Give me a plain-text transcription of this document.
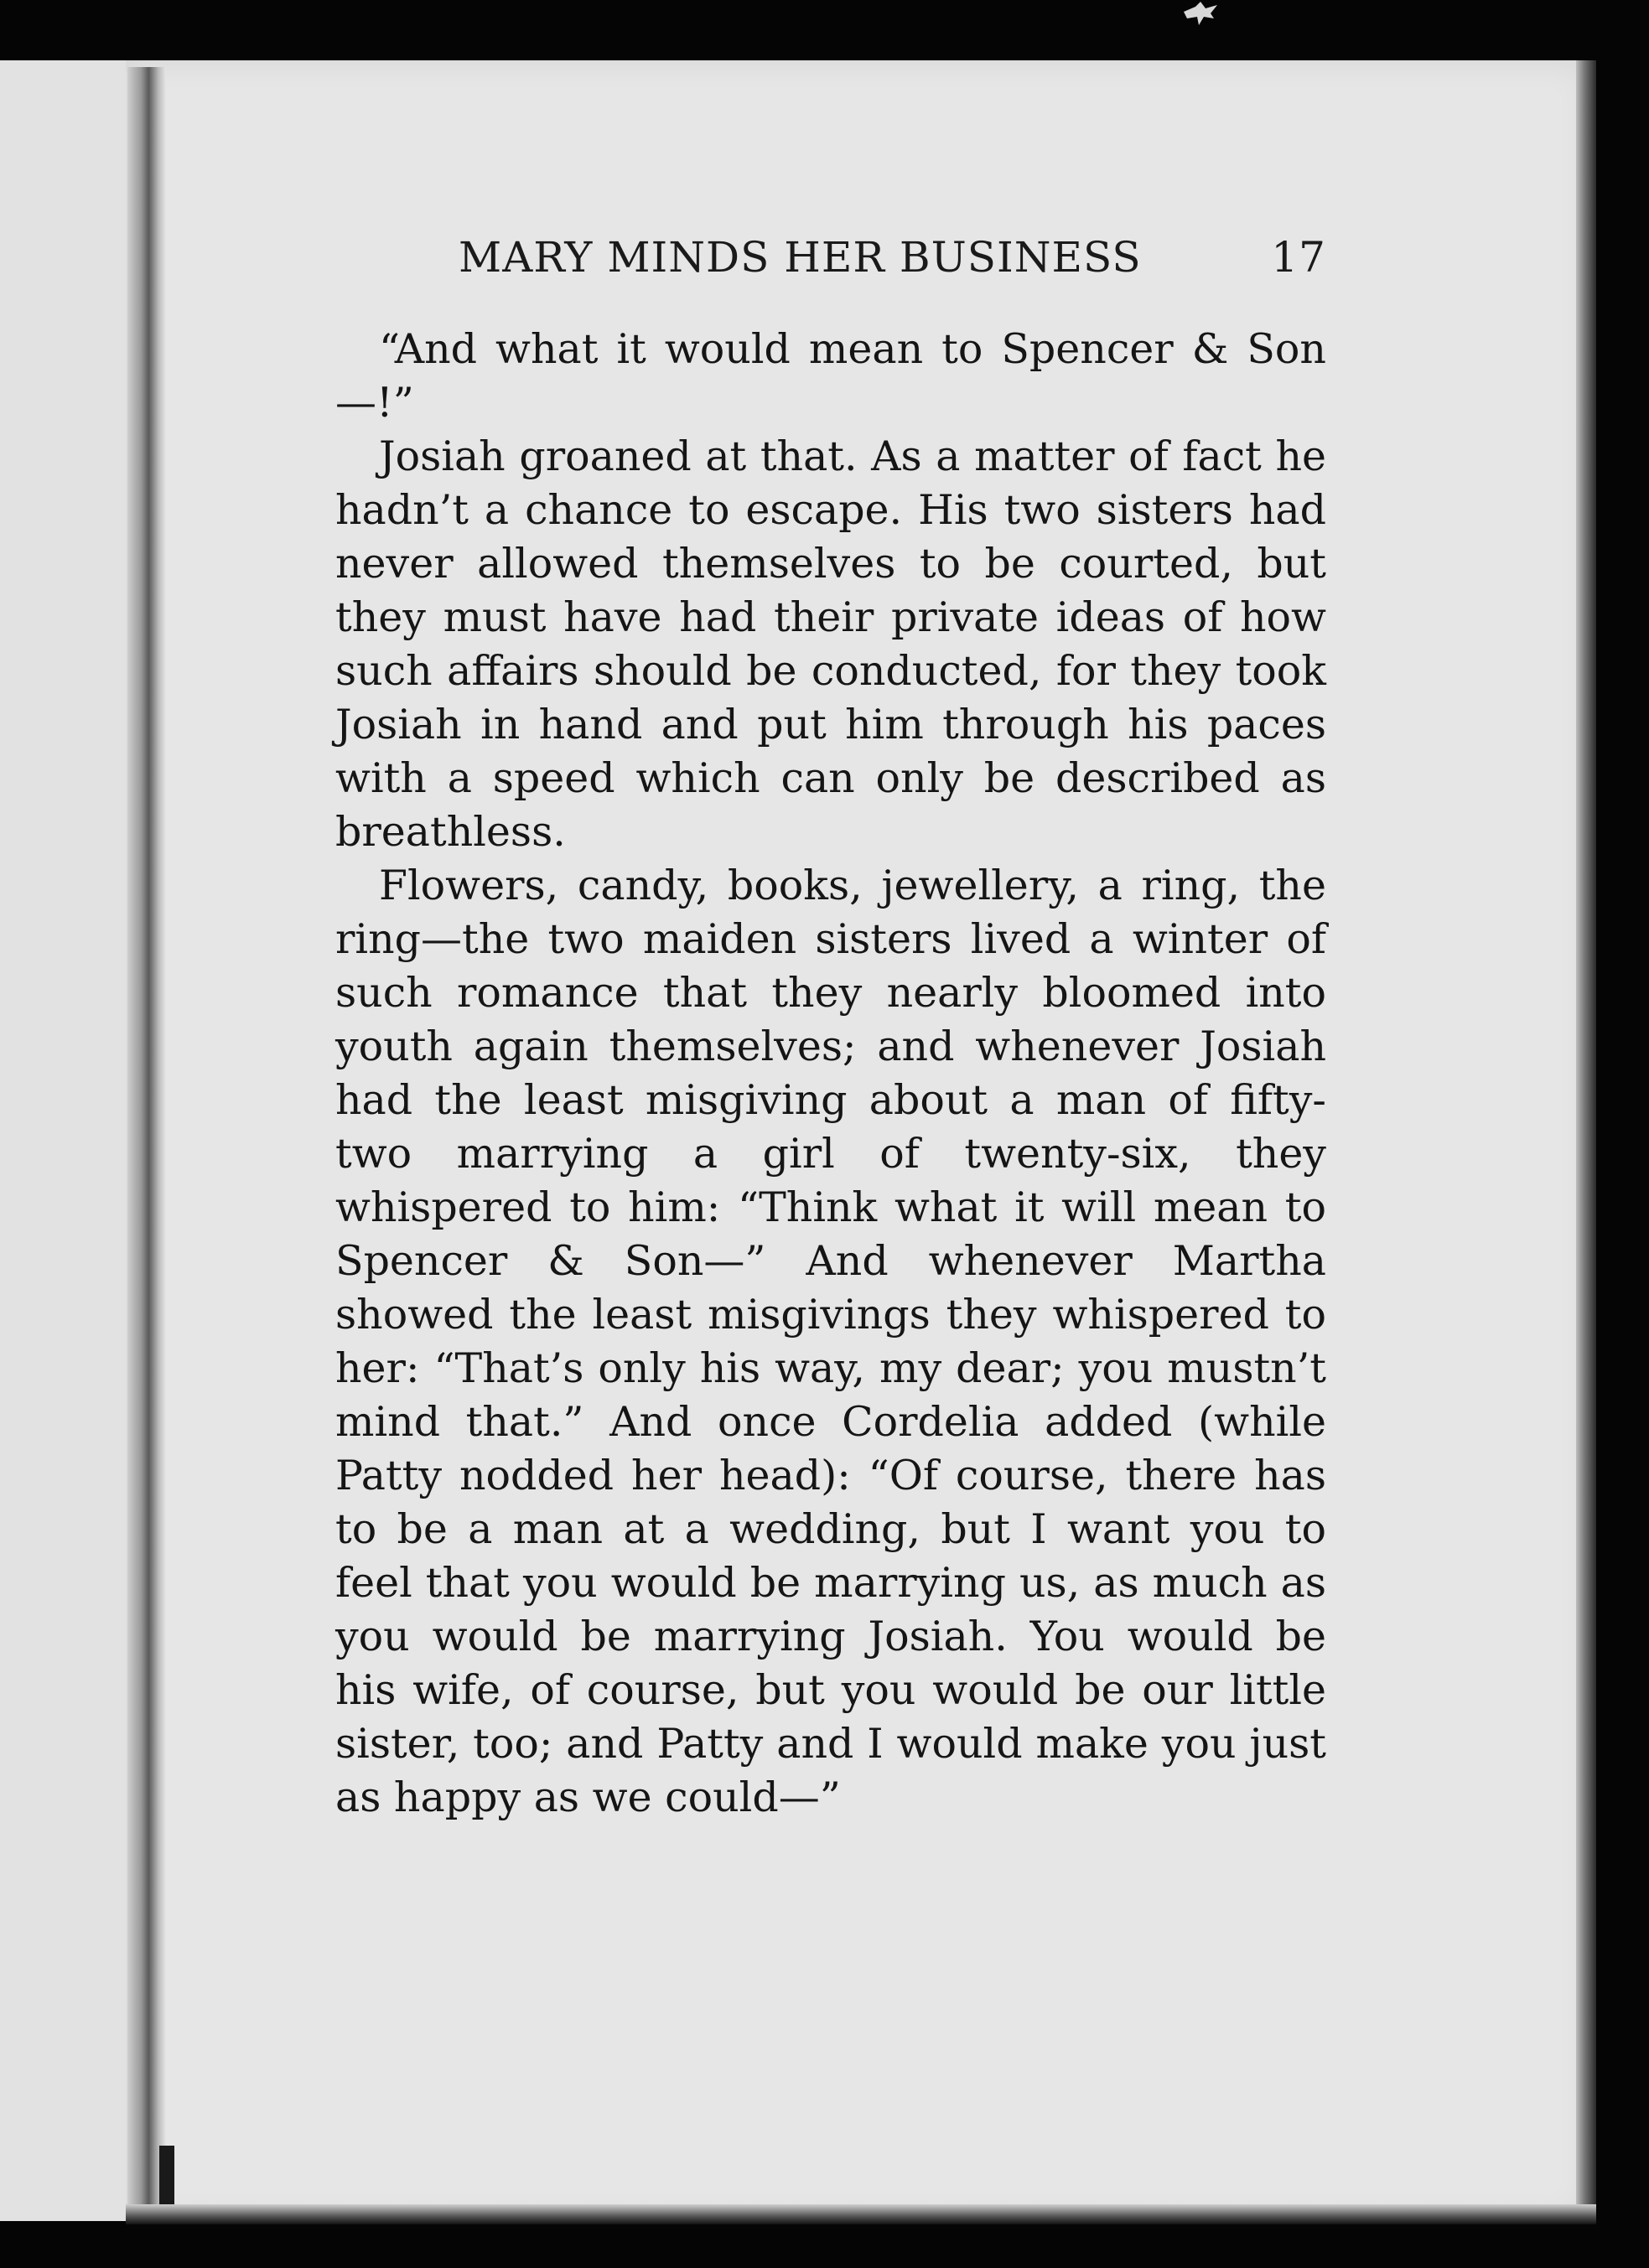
MARY MINDS HER BUSINESS	17

“And what it would mean to Spencer & Son—!”

Josiah groaned at that. As a matter of fact he hadn’t a chance to escape. His two sisters had never allowed themselves to be courted, but they must have had their private ideas of how such affairs should be conducted, for they took Josiah in hand and put him through his paces with a speed which can only be described as breathless.

Flowers, candy, books, jewellery, a ring, the ring—the two maiden sisters lived a winter of such romance that they nearly bloomed into youth again themselves; and whenever Josiah had the least misgiving about a man of fifty-two marrying a girl of twenty-six, they whispered to him: “Think what it will mean to Spencer & Son—” And whenever Martha showed the least misgivings they whispered to her: “That’s only his way, my dear; you mustn’t mind that.” And once Cordelia added (while Patty nodded her head): “Of course, there has to be a man at a wedding, but I want you to feel that you would be marrying us, as much as you would be marrying Josiah. You would be his wife, of course, but you would be our little sister, too; and Patty and I would make you just as happy as we could—”
